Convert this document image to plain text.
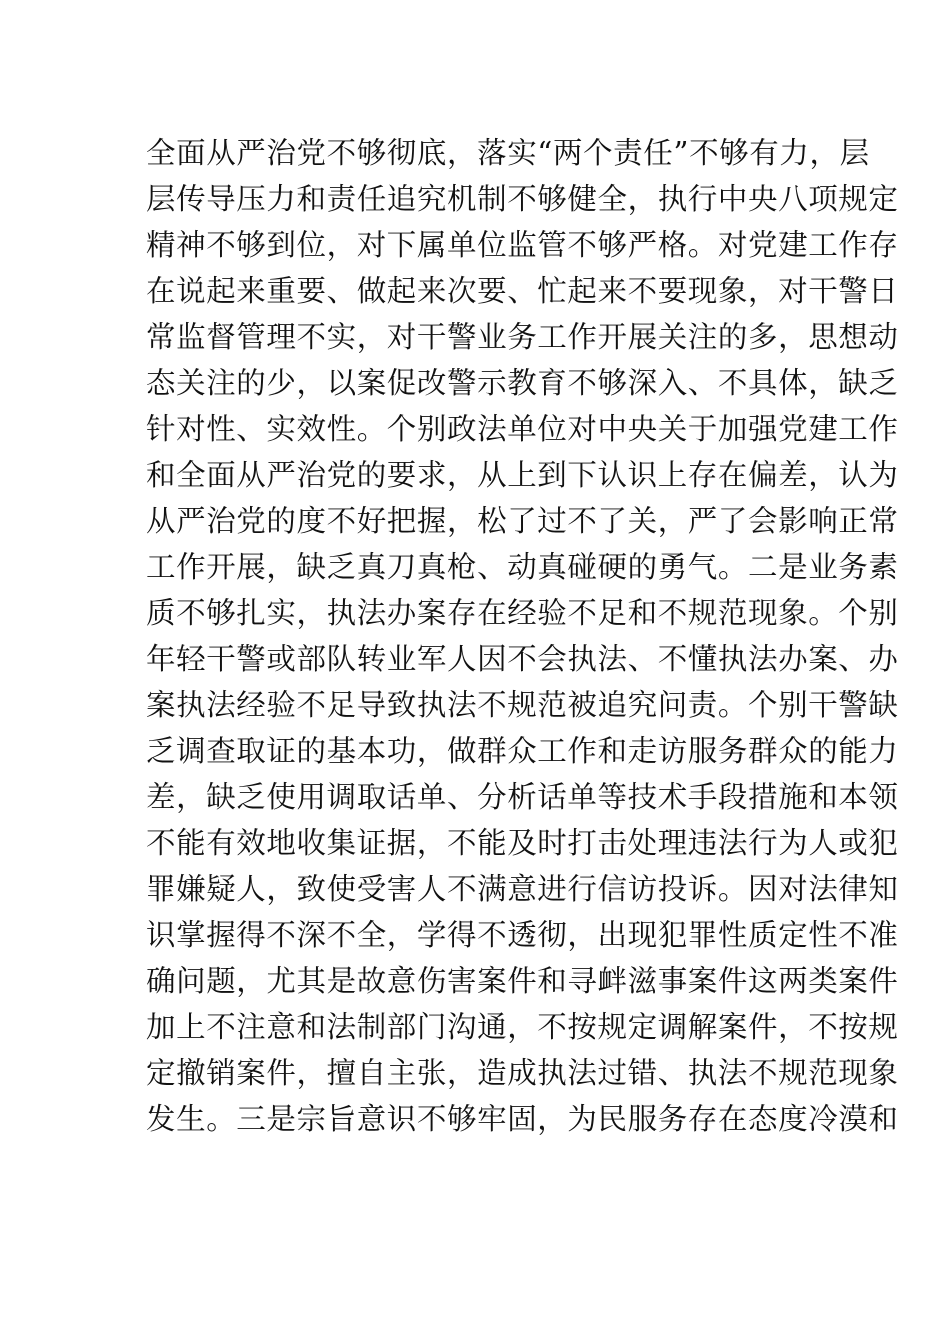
全面从严治党不够彻底，落实“两个责任”不够有力，层
层传导压力和责任追究机制不够健全，执行中央八项规定
精神不够到位，对下属单位监管不够严格。对党建工作存
在说起来重要、做起来次要、忙起来不要现象，对干警日
常监督管理不实，对干警业务工作开展关注的多，思想动
态关注的少，以案促改警示教育不够深入、不具体，缺乏
针对性、实效性。个别政法单位对中央关于加强党建工作
和全面从严治党的要求，从上到下认识上存在偏差，认为
从严治党的度不好把握，松了过不了关，严了会影响正常
工作开展，缺乏真刀真枪、动真碰硬的勇气。二是业务素
质不够扎实，执法办案存在经验不足和不规范现象。个别
年轻干警或部队转业军人因不会执法、不懂执法办案、办
案执法经验不足导致执法不规范被追究问责。个别干警缺
乏调查取证的基本功，做群众工作和走访服务群众的能力
差，缺乏使用调取话单、分析话单等技术手段措施和本领
不能有效地收集证据，不能及时打击处理违法行为人或犯
罪嫌疑人，致使受害人不满意进行信访投诉。因对法律知
识掌握得不深不全，学得不透彻，出现犯罪性质定性不准
确问题，尤其是故意伤害案件和寻衅滋事案件这两类案件
加上不注意和法制部门沟通，不按规定调解案件，不按规
定撤销案件，擅自主张，造成执法过错、执法不规范现象
发生。三是宗旨意识不够牢固，为民服务存在态度冷漠和
